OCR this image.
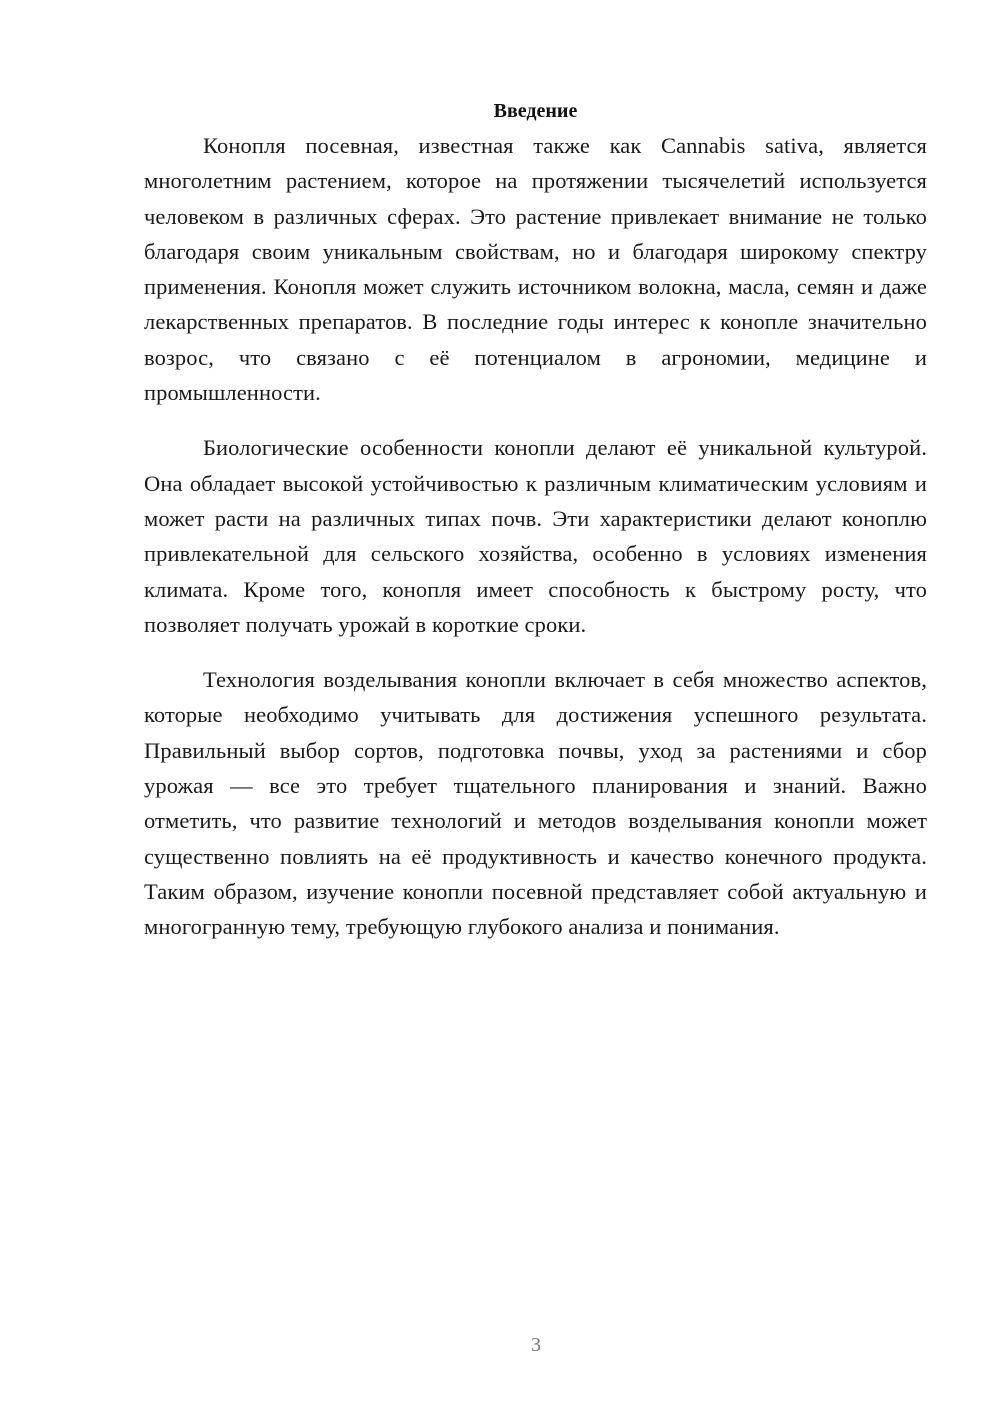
Введение

Конопля посевная, известная также как Cannabis sativa, является многолетним растением, которое на протяжении тысячелетий используется человеком в различных сферах. Это растение привлекает внимание не только благодаря своим уникальным свойствам, но и благодаря широкому спектру применения. Конопля может служить источником волокна, масла, семян и даже лекарственных препаратов. В последние годы интерес к конопле значительно возрос, что связано с её потенциалом в агрономии, медицине и промышленности.

Биологические особенности конопли делают её уникальной культурой. Она обладает высокой устойчивостью к различным климатическим условиям и может расти на различных типах почв. Эти характеристики делают коноплю привлекательной для сельского хозяйства, особенно в условиях изменения климата. Кроме того, конопля имеет способность к быстрому росту, что позволяет получать урожай в короткие сроки.

Технология возделывания конопли включает в себя множество аспектов, которые необходимо учитывать для достижения успешного результата. Правильный выбор сортов, подготовка почвы, уход за растениями и сбор урожая — все это требует тщательного планирования и знаний. Важно отметить, что развитие технологий и методов возделывания конопли может существенно повлиять на её продуктивность и качество конечного продукта. Таким образом, изучение конопли посевной представляет собой актуальную и многогранную тему, требующую глубокого анализа и понимания.

3
